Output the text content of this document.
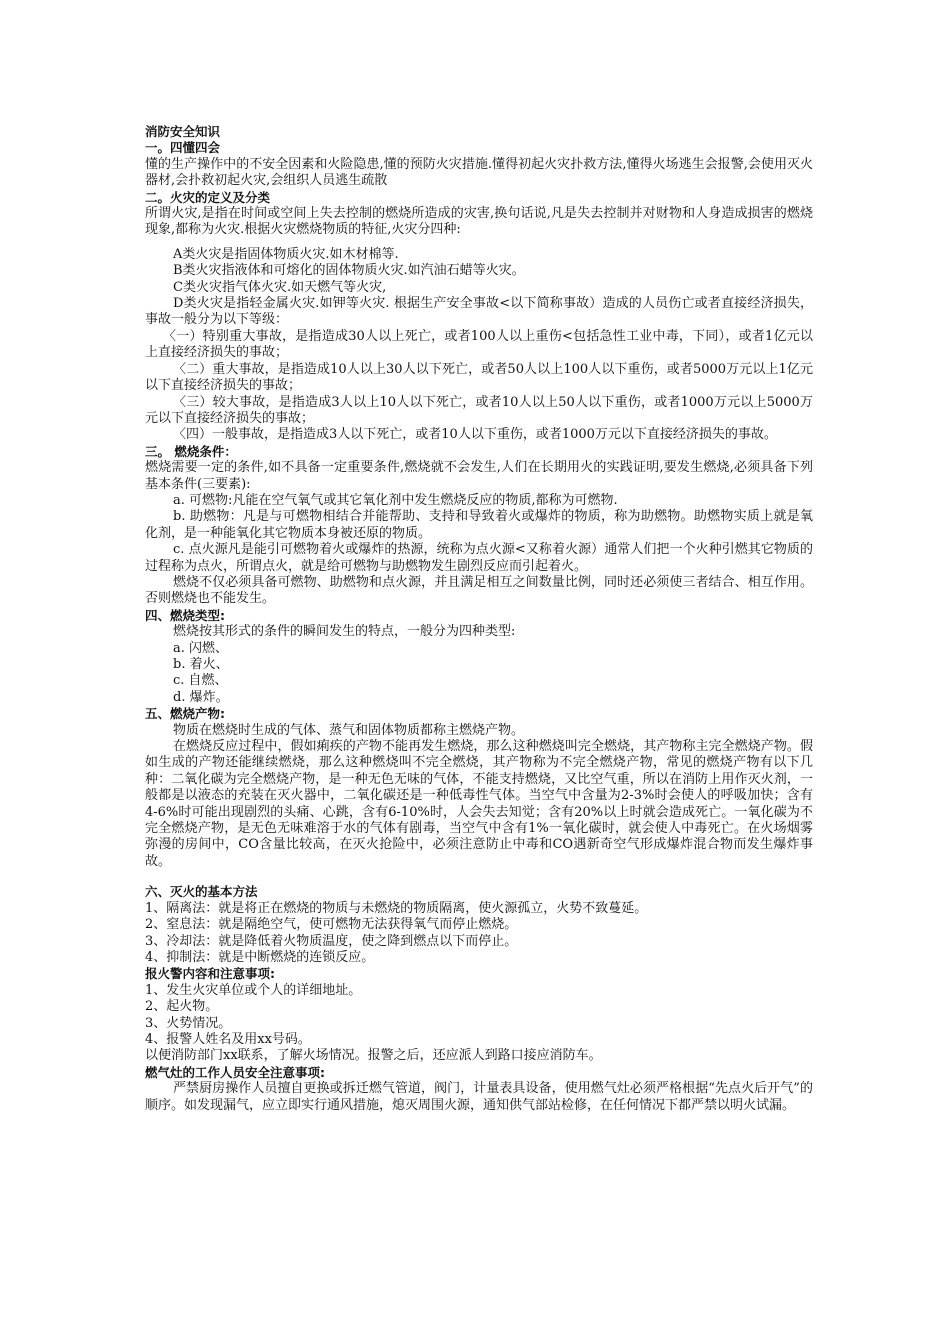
消防安全知识
一。四懂四会
懂的生产操作中的不安全因素和火险隐患,懂的预防火灾措施.懂得初起火灾扑救方法,懂得火场逃生会报警,会使用灭火器材,会扑救初起火灾,会组织人员逃生疏散
二。火灾的定义及分类
所谓火灾,是指在时间或空间上失去控制的燃烧所造成的灾害,换句话说,凡是失去控制并对财物和人身造成损害的燃烧现象,都称为火灾.根据火灾燃烧物质的特征,火灾分四种:
A类火灾是指固体物质火灾.如木材棉等.
B类火灾指液体和可熔化的固体物质火灾.如汽油石蜡等火灾。
C类火灾指气体火灾.如天燃气等火灾,
D类火灾是指轻金属火灾.如钾等火灾. 根据生产安全事故<以下简称事故）造成的人员伤亡或者直接经济损失，事故一般分为以下等级：
〈一）特别重大事故，是指造成30人以上死亡，或者100人以上重伤<包括急性工业中毒，下同），或者1亿元以上直接经济损失的事故；
〈二）重大事故，是指造成10人以上30人以下死亡，或者50人以上100人以下重伤，或者5000万元以上1亿元以下直接经济损失的事故；
〈三）较大事故，是指造成3人以上10人以下死亡，或者10人以上50人以下重伤，或者1000万元以上5000万元以下直接经济损失的事故；
〈四）一般事故，是指造成3人以下死亡，或者10人以下重伤，或者1000万元以下直接经济损失的事故。
三。 燃烧条件：
燃烧需要一定的条件,如不具备一定重要条件,燃烧就不会发生,人们在长期用火的实践证明,要发生燃烧,必须具备下列基本条件(三要素):
a. 可燃物:凡能在空气氧气或其它氧化剂中发生燃烧反应的物质,都称为可燃物.
b. 助燃物：凡是与可燃物相结合并能帮助、支持和导致着火或爆炸的物质，称为助燃物。助燃物实质上就是氧化剂，是一种能氧化其它物质本身被还原的物质。
c. 点火源凡是能引可燃物着火或爆炸的热源，统称为点火源<又称着火源）通常人们把一个火种引燃其它物质的过程称为点火，所谓点火，就是给可燃物与助燃物发生剧烈反应而引起着火。
燃烧不仅必须具备可燃物、助燃物和点火源，并且满足相互之间数量比例，同时还必须使三者结合、相互作用。否则燃烧也不能发生。
四、燃烧类型:
燃烧按其形式的条件的瞬间发生的特点，一般分为四种类型:
a. 闪燃、
b. 着火、
c. 自燃、
d. 爆炸。
五、燃烧产物:
物质在燃烧时生成的气体、蒸气和固体物质都称主燃烧产物。
在燃烧反应过程中，假如痢疾的产物不能再发生燃烧，那么这种燃烧叫完全燃烧，其产物称主完全燃烧产物。假如生成的产物还能继续燃烧，那么这种燃烧叫不完全燃烧，其产物称为不完全燃烧产物，常见的燃烧产物有以下几种：二氧化碳为完全燃烧产物，是一种无色无味的气体，不能支持燃烧，又比空气重，所以在消防上用作灭火剂，一般都是以液态的充装在灭火器中，二氧化碳还是一种低毒性气体。当空气中含量为2-3%时会使人的呼吸加快；含有4-6%时可能出现剧烈的头痛、心跳，含有6-10%时，人会失去知觉；含有20%以上时就会造成死亡。一氧化碳为不完全燃烧产物，是无色无味难溶于水的气体有剧毒，当空气中含有1%一氧化碳时，就会使人中毒死亡。在火场烟雾弥漫的房间中，CO含量比较高，在灭火抢险中，必须注意防止中毒和CO遇新奇空气形成爆炸混合物而发生爆炸事故。
六、灭火的基本方法
1、隔离法：就是将正在燃烧的物质与未燃烧的物质隔离，使火源孤立，火势不致蔓延。
2、窒息法：就是隔绝空气，使可燃物无法获得氧气而停止燃烧。
3、冷却法：就是降低着火物质温度，使之降到燃点以下而停止。
4、抑制法：就是中断燃烧的连锁反应。
报火警内容和注意事项:
1、发生火灾单位或个人的详细地址。
2、起火物。
3、火势情况。
4、报警人姓名及用xx号码。
以便消防部门xx联系，了解火场情况。报警之后，还应派人到路口接应消防车。
燃气灶的工作人员安全注意事项:
严禁厨房操作人员擅自更换或拆迁燃气管道，阀门，计量表具设备，使用燃气灶必须严格根据“先点火后开气”的顺序。如发现漏气，应立即实行通风措施，熄灭周围火源，通知供气部站检修，在任何情况下都严禁以明火试漏。
